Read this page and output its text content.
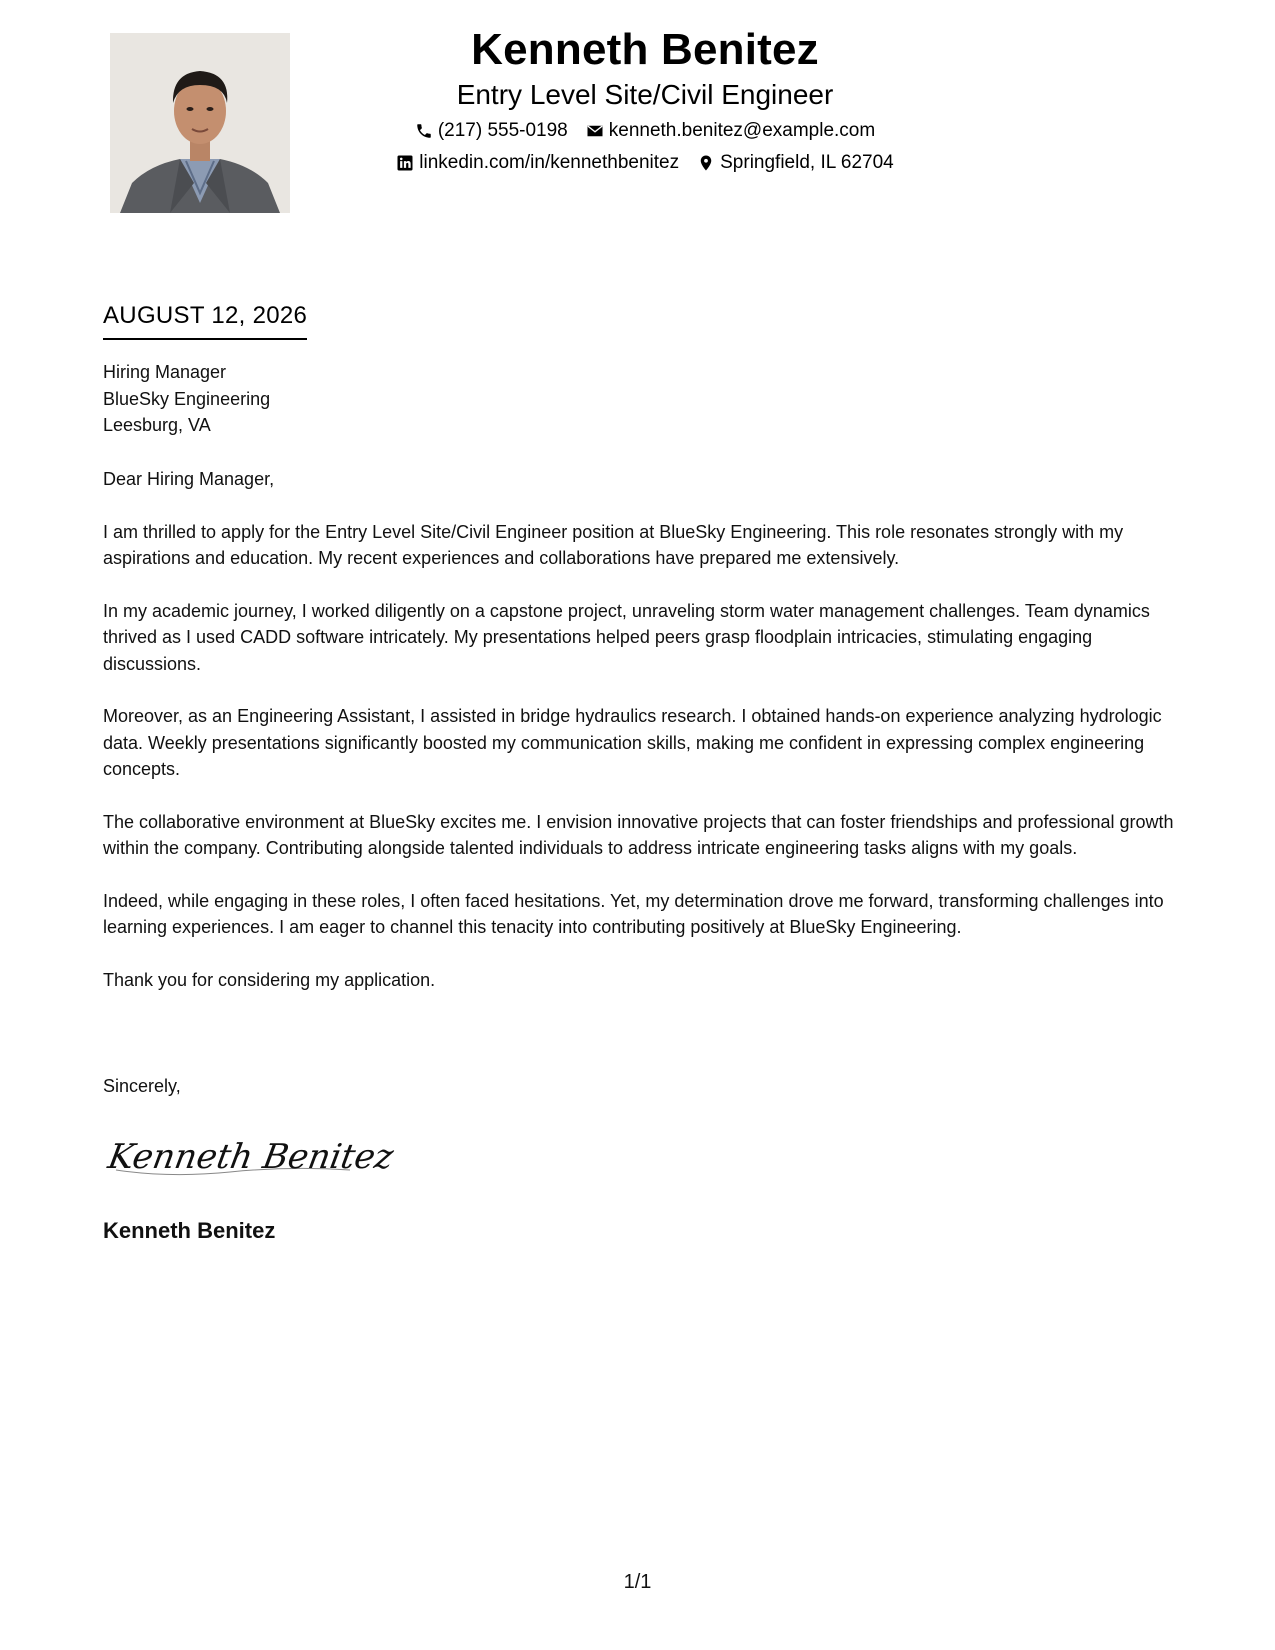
Kenneth Benitez
Entry Level Site/Civil Engineer
(217) 555-0198 kenneth.benitez@example.com
linkedin.com/in/kennethbenitez Springfield, IL 62704
AUGUST 12, 2026
Hiring Manager
BlueSky Engineering
Leesburg, VA

Dear Hiring Manager,

I am thrilled to apply for the Entry Level Site/Civil Engineer position at BlueSky Engineering. This role resonates strongly with my aspirations and education. My recent experiences and collaborations have prepared me extensively.

In my academic journey, I worked diligently on a capstone project, unraveling storm water management challenges. Team dynamics thrived as I used CADD software intricately. My presentations helped peers grasp floodplain intricacies, stimulating engaging discussions.

Moreover, as an Engineering Assistant, I assisted in bridge hydraulics research. I obtained hands-on experience analyzing hydrologic data. Weekly presentations significantly boosted my communication skills, making me confident in expressing complex engineering concepts.

The collaborative environment at BlueSky excites me. I envision innovative projects that can foster friendships and professional growth within the company. Contributing alongside talented individuals to address intricate engineering tasks aligns with my goals.

Indeed, while engaging in these roles, I often faced hesitations. Yet, my determination drove me forward, transforming challenges into learning experiences. I am eager to channel this tenacity into contributing positively at BlueSky Engineering.

Thank you for considering my application.

Sincerely,
Kenneth Benitez
Kenneth Benitez
1/1
